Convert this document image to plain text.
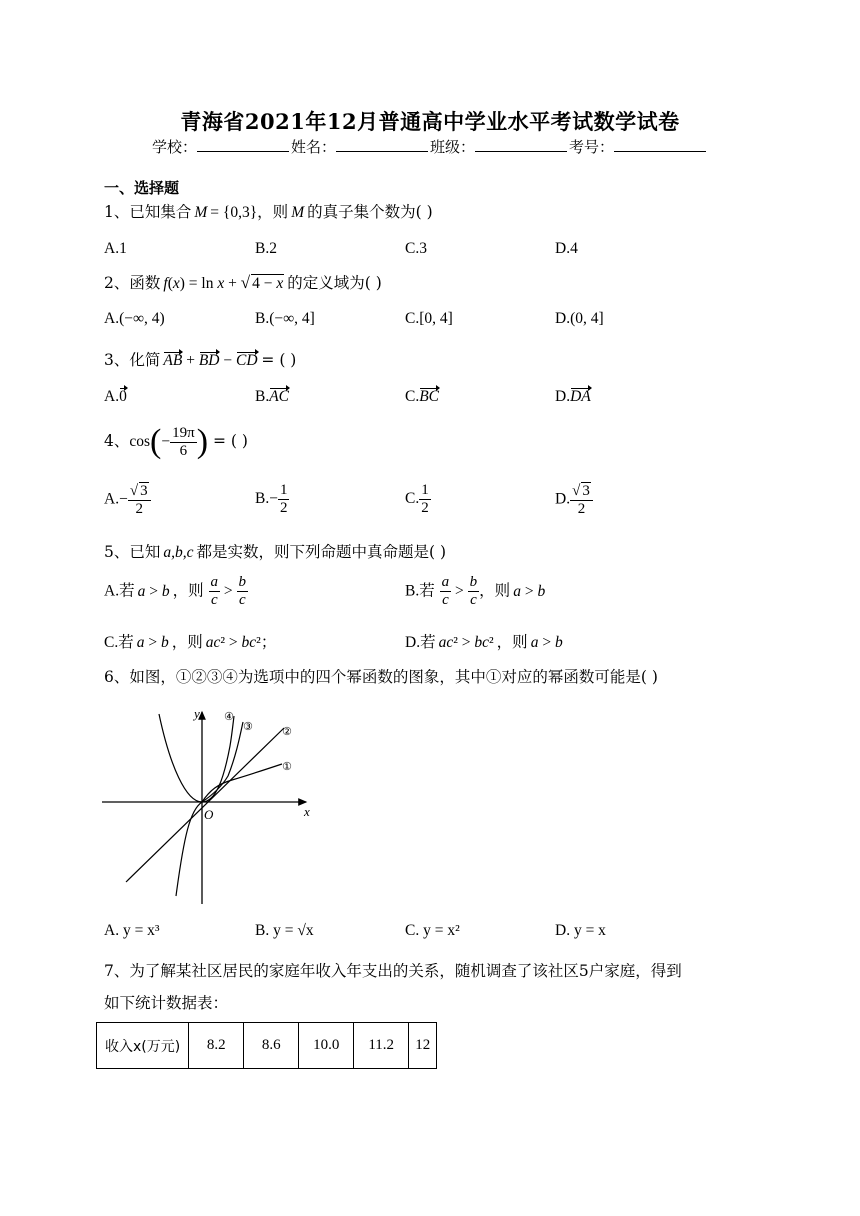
青海省2021年12月普通高中学业水平考试数学试卷
学校：	姓名：	班级：	考号：
一、选择题
1、已知集合 M = {0,3}，则 M 的真子集个数为( )
A.1	B.2	C.3	D.4
2、函数 f(x) = ln x + √ 4 − x 的定义域为( )
A.(−∞, 4)	B.(−∞, 4]	C.[0, 4]	D.(0, 4]
3、化简 AB + BD − CD = ( )
A.0	B.AC	C.BC	D.DA
4、$\cos(- \frac{19\pi}{6}$ ) = ( )
$A.- \frac{√ 3}{2}$	$B.- \frac{1}{2}$	C. $\frac{1}{2}$	D. $\frac{√ 3}{2}$
5、已知 a,b,c 都是实数，则下列命题中真命题是( )
A.若 a > b ，则 $\frac{a}{c} > \frac{b}{c}$	B.若 $\frac{a}{c} > \frac{b}{c}$ ，则 a > b
C.若 a > b ，则 ac² > bc²；	D.若 ac² > bc² ，则 a > b
6、如图，①②③④为选项中的四个幂函数的图象，其中①对应的幂函数可能是( )
y
x
O
①
②
③
④
A. y = x³	B. y = √x	C. y = x²	D. y = x
7、为了解某社区居民的家庭年收入年支出的关系，随机调查了该社区5户家庭，得到
如下统计数据表：
收入x(万元)	8.2	8.6	10.0	11.2	12
